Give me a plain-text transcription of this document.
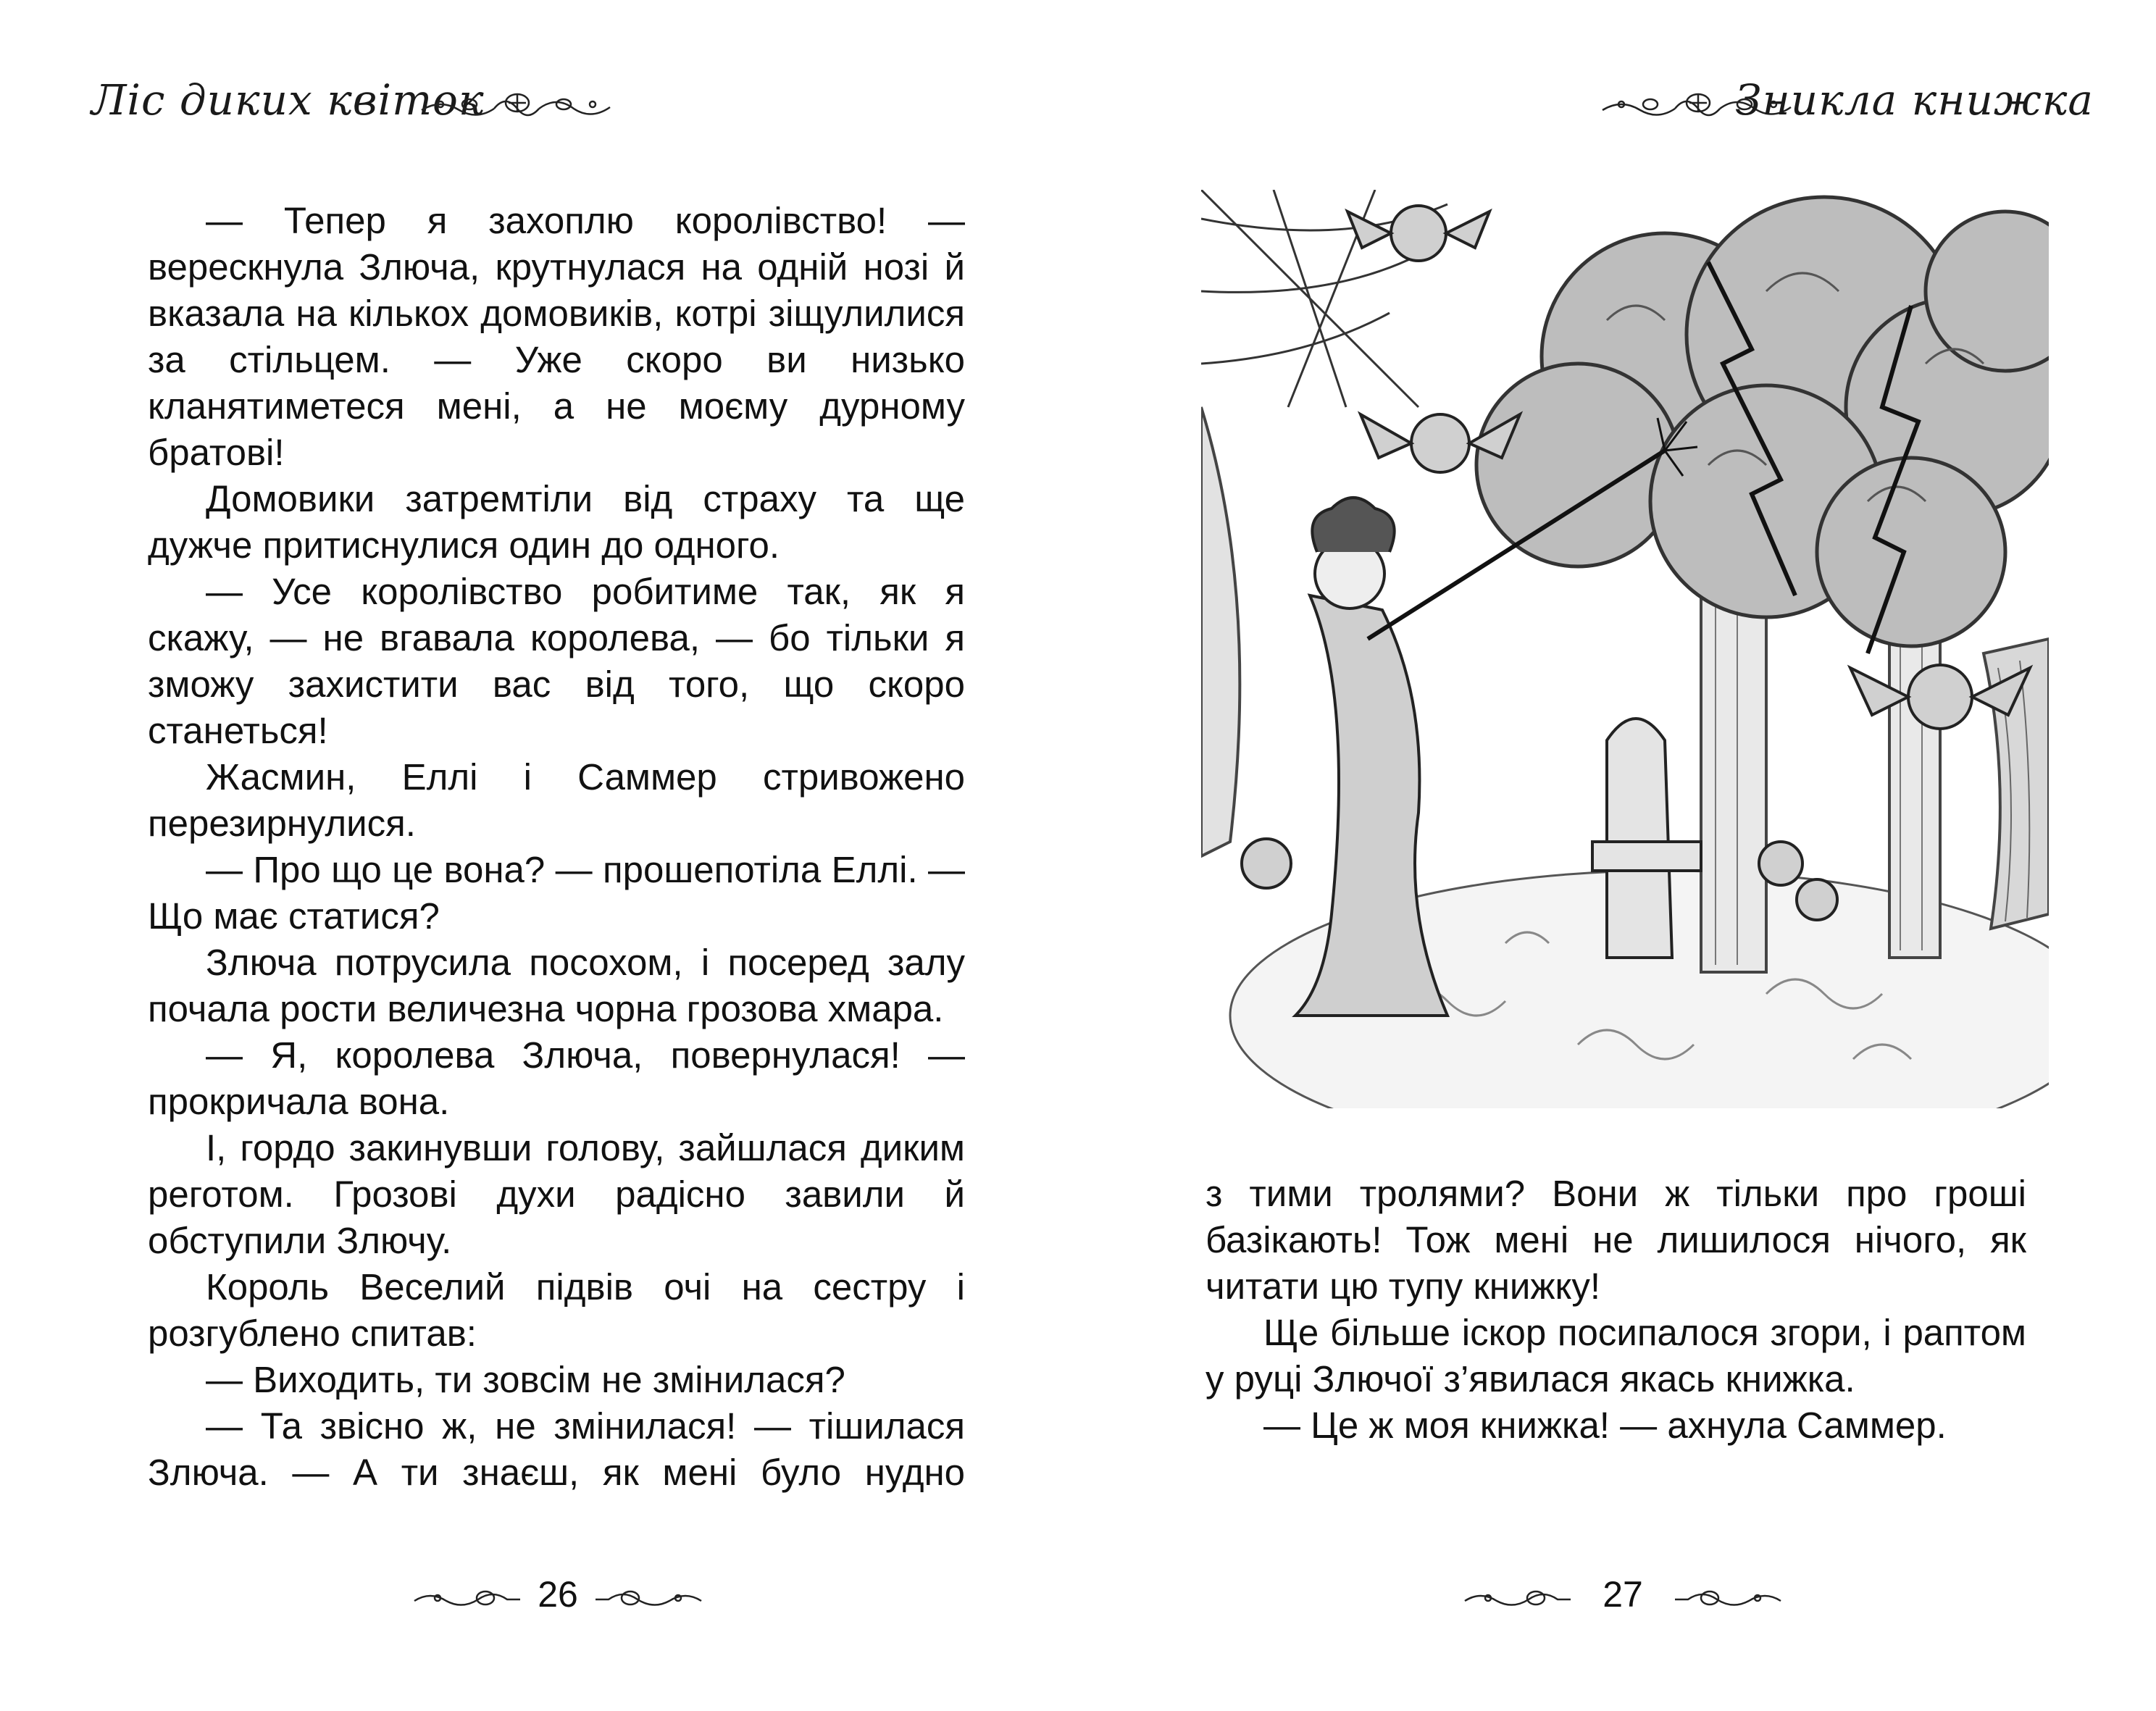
Ліс диких квіток

— Тепер я захоплю королівство! — верескнула Злюча, крутнулася на одній нозі й вказала на кількох домовиків, котрі зіщулилися за стільцем. — Уже скоро ви низько кланятиметеся мені, а не моєму дурному братові!

Домовики затремтіли від страху та ще дужче притиснулися один до одного.

— Усе королівство робитиме так, як я скажу, — не вгавала королева, — бо тільки я зможу захистити вас від того, що скоро станеться!

Жасмин, Еллі і Саммер стривожено перезирнулися.

— Про що це вона? — прошепотіла Еллі. — Що має статися?

Злюча потрусила посохом, і посеред залу почала рости величезна чорна грозова хмара.

— Я, королева Злюча, повернулася! — прокричала вона.

І, гордо закинувши голову, зайшлася диким реготом. Грозові духи радісно завили й обступили Злючу.

Король Веселий підвів очі на сестру і розгублено спитав:

— Виходить, ти зовсім не змінилася?

— Та звісно ж, не змінилася! — тішилася Злюча. — А ти знаєш, як мені було нудно

26
Зникла книжка

з тими тролями? Вони ж тільки про гроші базікають! Тож мені не лишилося нічого, як читати цю тупу книжку!

Ще більше іскор посипалося згори, і раптом у руці Злючої з’явилася якась книжка.

— Це ж моя книжка! — ахнула Саммер.

27
